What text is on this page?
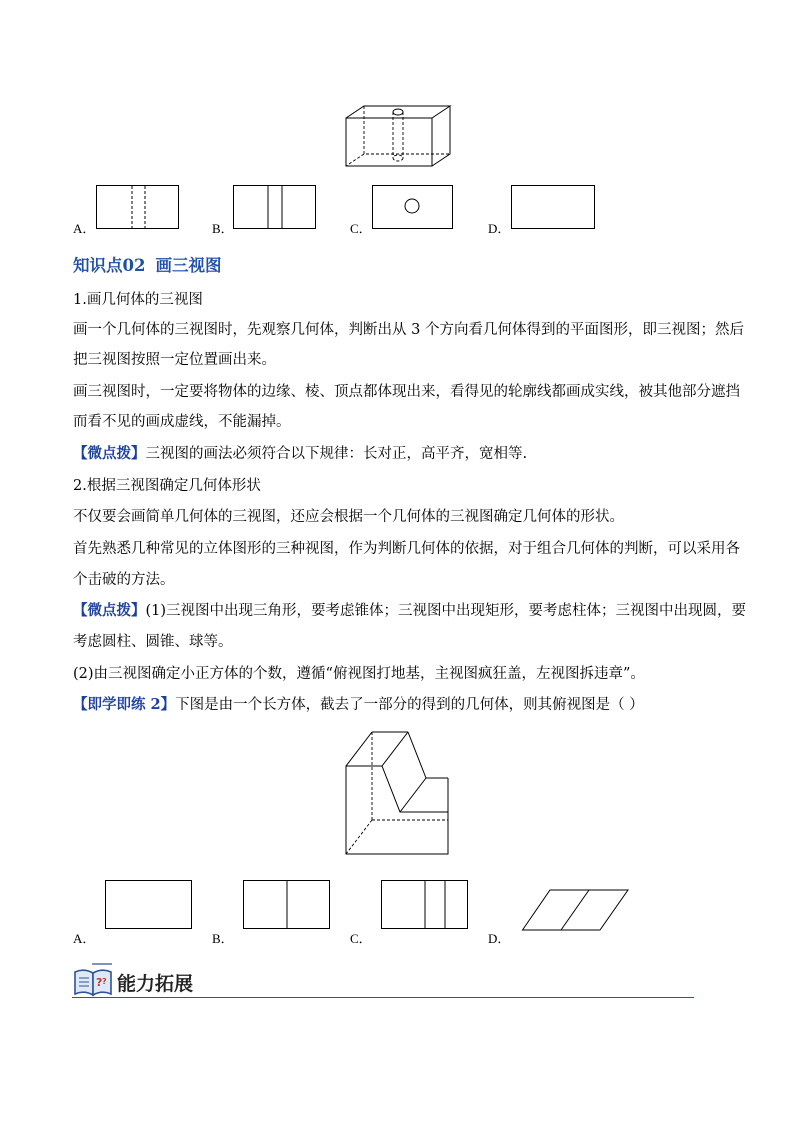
A．	B．	C．	D．
知识点02 画三视图
1.画几何体的三视图
画一个几何体的三视图时，先观察几何体，判断出从 3 个方向看几何体得到的平面图形，即三视图；然后
把三视图按照一定位置画出来。
画三视图时，一定要将物体的边缘、棱、顶点都体现出来，看得见的轮廓线都画成实线，被其他部分遮挡
而看不见的画成虚线，不能漏掉。
【微点拨】三视图的画法必须符合以下规律：长对正，高平齐，宽相等.
2.根据三视图确定几何体形状
不仅要会画简单几何体的三视图，还应会根据一个几何体的三视图确定几何体的形状。
首先熟悉几种常见的立体图形的三种视图，作为判断几何体的依据，对于组合几何体的判断，可以采用各
个击破的方法。
【微点拨】(1)三视图中出现三角形，要考虑锥体；三视图中出现矩形，要考虑柱体；三视图中出现圆，要
考虑圆柱、圆锥、球等。
(2)由三视图确定小正方体的个数，遵循“俯视图打地基，主视图疯狂盖，左视图拆违章”。
【即学即练 2】下图是由一个长方体，截去了一部分的得到的几何体，则其俯视图是（ ）
A．	B．	C．	D．
? ? 能力拓展
